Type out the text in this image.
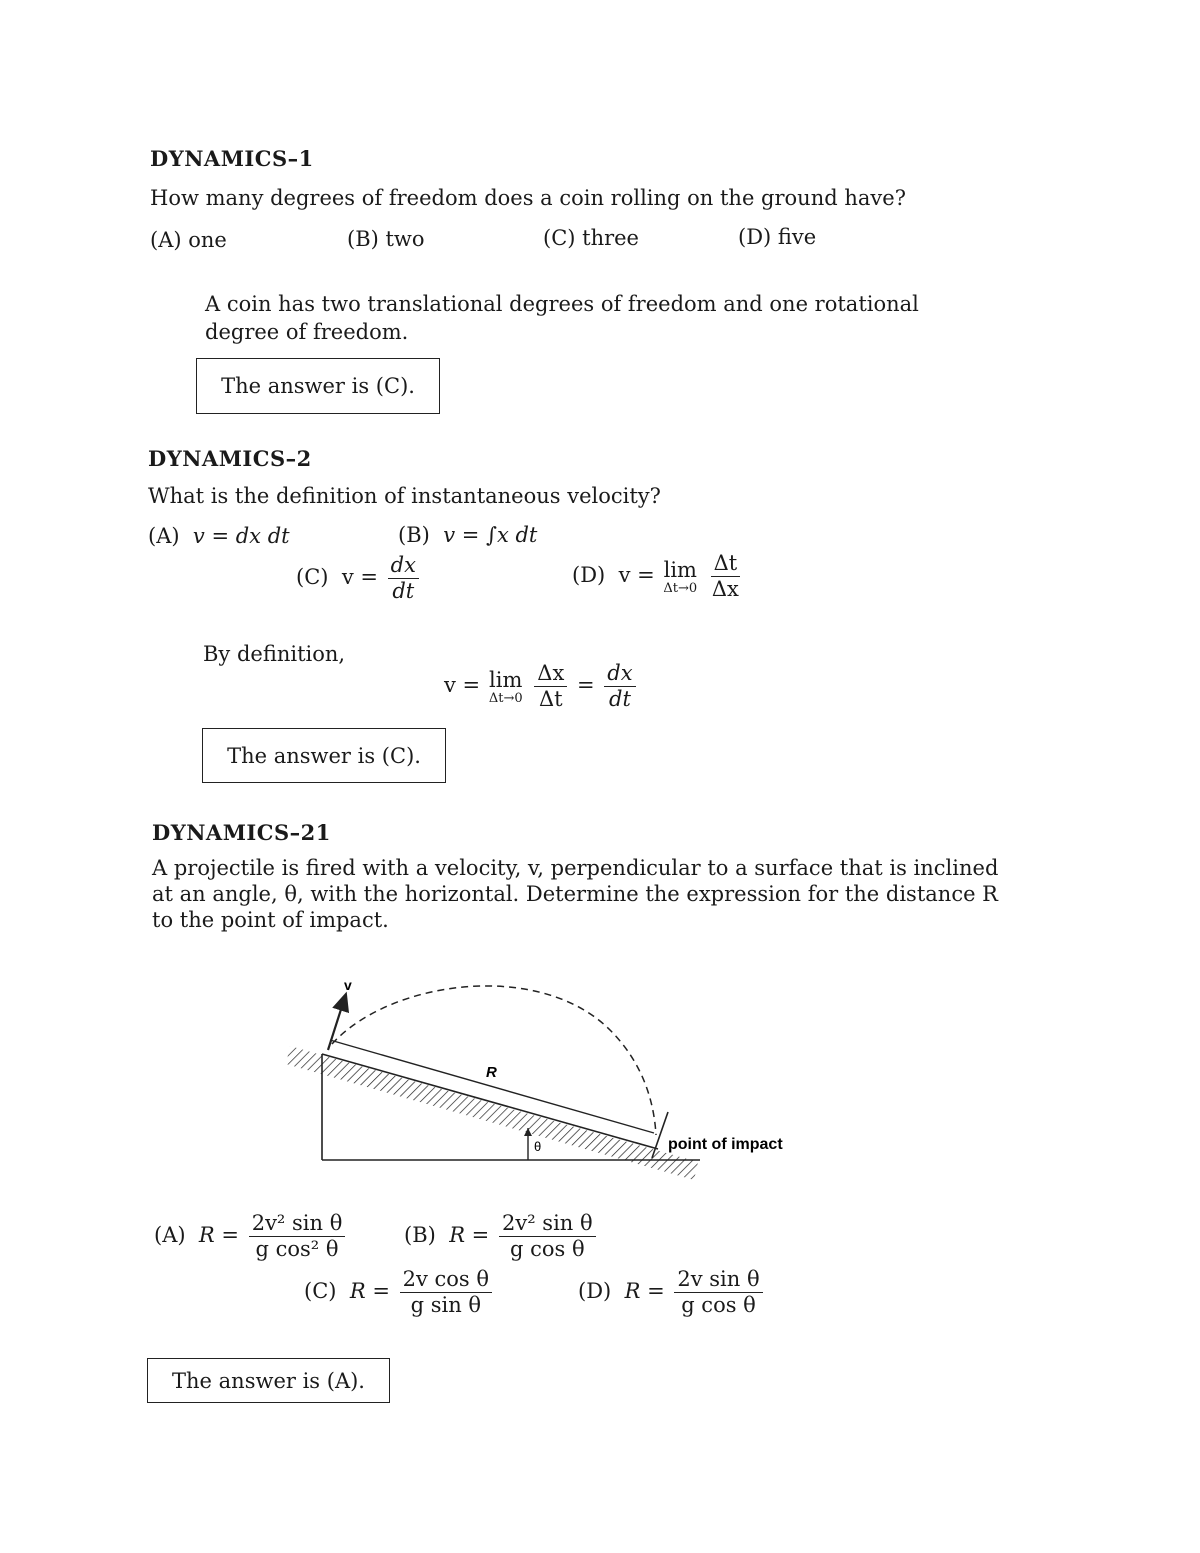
DYNAMICS–1
How many degrees of freedom does a coin rolling on the ground have?
(A) one	(B) two	(C) three	(D) five
A coin has two translational degrees of freedom and one rotational
degree of freedom.
The answer is (C).
DYNAMICS–2
What is the definition of instantaneous velocity?
(A) v = dx dt	(B) v = ∫x dt
(C) $v = \frac{dx}{dt}$	(D) v = lim
Δt→0
$\frac{\Delta t}{\Delta x}$
By definition,
v = lim
Δt→0
$\frac{\Delta x}{\Delta t} = \frac{dx}{dt}$
The answer is (C).
DYNAMICS–21
A projectile is fired with a velocity, v, perpendicular to a surface that is inclined
at an angle, θ, with the horizontal. Determine the expression for the distance R
to the point of impact.
v
R
θ	point of impact
(A) $R = \frac{\text{2v² sin θ}}{\text{g cos² θ}}$	(B) $R = \frac{\text{2v² sin θ}}{\text{g cos θ}}$
(C) $R = \frac{\text{2v cos θ}}{\text{g sin θ}}$	(D) $R = \frac{\text{2v sin θ}}{\text{g cos θ}}$
The answer is (A).
